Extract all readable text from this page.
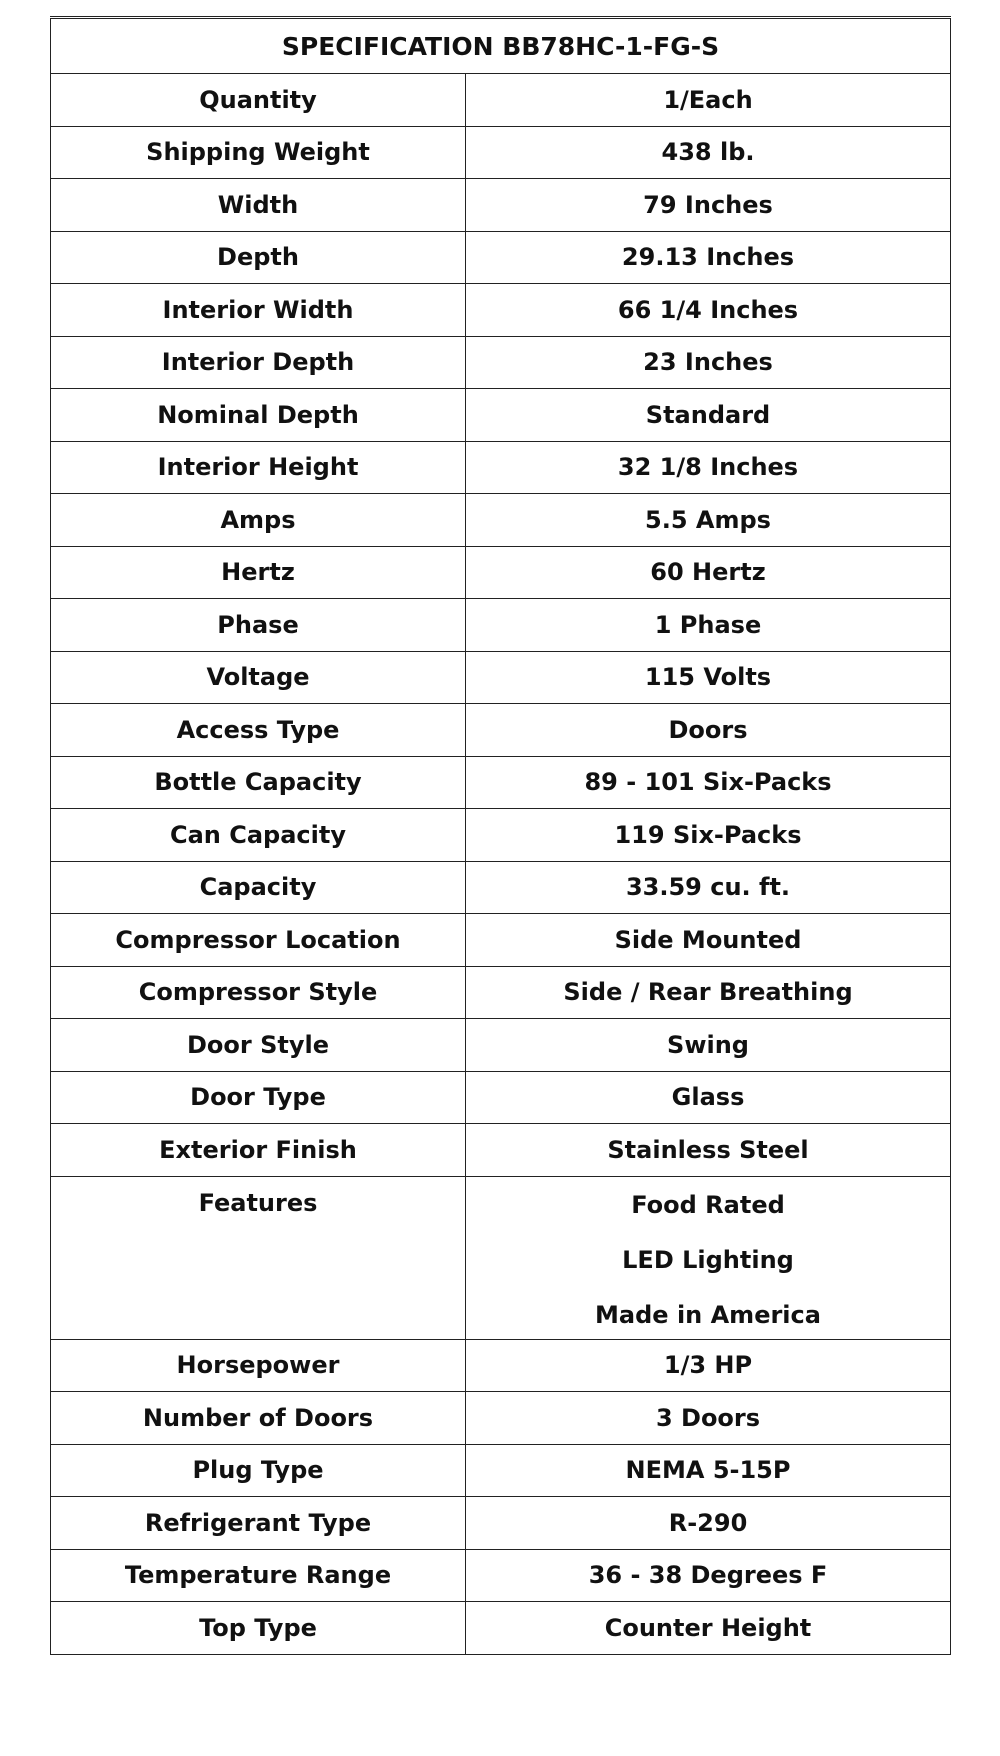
SPECIFICATION BB78HC-1-FG-S	
Quantity	1/Each
Shipping Weight	438 lb.
Width	79 Inches
Depth	29.13 Inches
Interior Width	66 1/4 Inches
Interior Depth	23 Inches
Nominal Depth	Standard
Interior Height	32 1/8 Inches
Amps	5.5 Amps
Hertz	60 Hertz
Phase	1 Phase
Voltage	115 Volts
Access Type	Doors
Bottle Capacity	89 - 101 Six-Packs
Can Capacity	119 Six-Packs
Capacity	33.59 cu. ft.
Compressor Location	Side Mounted
Compressor Style	Side / Rear Breathing
Door Style	Swing
Door Type	Glass
Exterior Finish	Stainless Steel
Features	Food Rated
LED Lighting
Made in America

Horsepower	1/3 HP
Number of Doors	3 Doors
Plug Type	NEMA 5-15P
Refrigerant Type	R-290
Temperature Range	36 - 38 Degrees F
Top Type	Counter Height
